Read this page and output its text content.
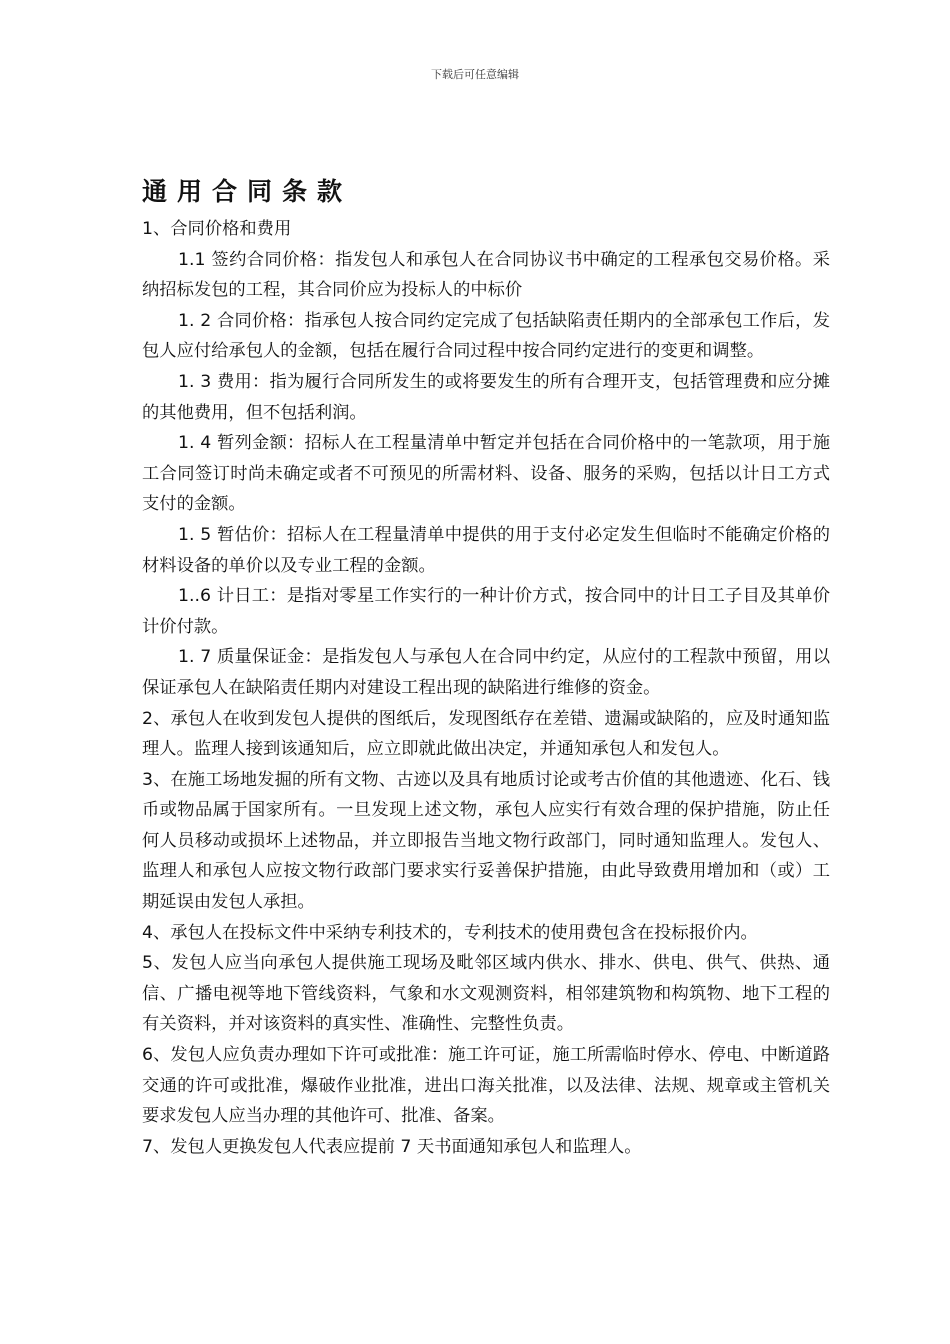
下载后可任意编辑
通用合同条款

1、合同价格和费用

1.1 签约合同价格：指发包人和承包人在合同协议书中确定的工程承包交易价格。采纳招标发包的工程，其合同价应为投标人的中标价

1. 2 合同价格：指承包人按合同约定完成了包括缺陷责任期内的全部承包工作后，发包人应付给承包人的金额，包括在履行合同过程中按合同约定进行的变更和调整。

1. 3 费用：指为履行合同所发生的或将要发生的所有合理开支，包括管理费和应分摊的其他费用，但不包括利润。

1. 4 暂列金额：招标人在工程量清单中暂定并包括在合同价格中的一笔款项，用于施工合同签订时尚未确定或者不可预见的所需材料、设备、服务的采购，包括以计日工方式支付的金额。

1. 5 暂估价：招标人在工程量清单中提供的用于支付必定发生但临时不能确定价格的材料设备的单价以及专业工程的金额。

1..6 计日工：是指对零星工作实行的一种计价方式，按合同中的计日工子目及其单价计价付款。

1. 7 质量保证金：是指发包人与承包人在合同中约定，从应付的工程款中预留，用以保证承包人在缺陷责任期内对建设工程出现的缺陷进行维修的资金。

2、承包人在收到发包人提供的图纸后，发现图纸存在差错、遗漏或缺陷的，应及时通知监理人。监理人接到该通知后，应立即就此做出决定，并通知承包人和发包人。

3、在施工场地发掘的所有文物、古迹以及具有地质讨论或考古价值的其他遗迹、化石、钱币或物品属于国家所有。一旦发现上述文物，承包人应实行有效合理的保护措施，防止任何人员移动或损坏上述物品，并立即报告当地文物行政部门，同时通知监理人。发包人、监理人和承包人应按文物行政部门要求实行妥善保护措施，由此导致费用增加和（或）工期延误由发包人承担。

4、承包人在投标文件中采纳专利技术的，专利技术的使用费包含在投标报价内。

5、发包人应当向承包人提供施工现场及毗邻区域内供水、排水、供电、供气、供热、通信、广播电视等地下管线资料，气象和水文观测资料，相邻建筑物和构筑物、地下工程的有关资料，并对该资料的真实性、准确性、完整性负责。

6、发包人应负责办理如下许可或批准：施工许可证，施工所需临时停水、停电、中断道路交通的许可或批准，爆破作业批准，进出口海关批准，以及法律、法规、规章或主管机关要求发包人应当办理的其他许可、批准、备案。

7、发包人更换发包人代表应提前 7 天书面通知承包人和监理人。
